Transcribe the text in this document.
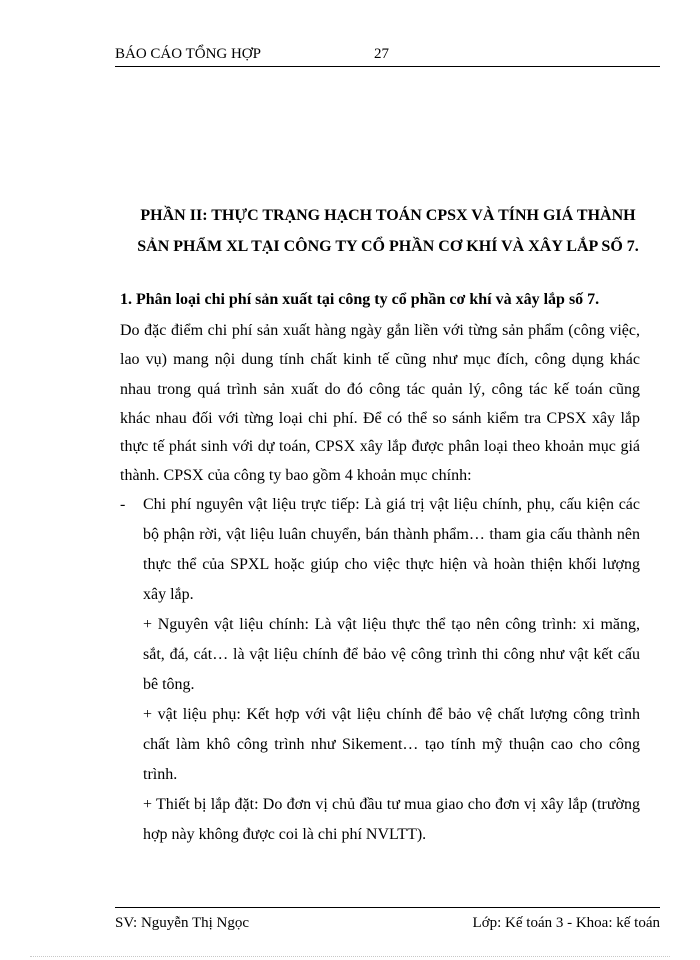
BÁO CÁO TỔNG HỢP	27
PHẦN II: THỰC TRẠNG HẠCH TOÁN CPSX VÀ TÍNH GIÁ THÀNH
SẢN PHẨM XL TẠI CÔNG TY CỔ PHẦN CƠ KHÍ VÀ XÂY LẮP SỐ 7.
1. Phân loại chi phí sản xuất tại công ty cổ phần cơ khí và xây lắp số 7.
Do đặc điểm chi phí sản xuất hàng ngày gắn liền với từng sản phẩm (công việc,
lao vụ) mang nội dung tính chất kinh tế cũng như mục đích, công dụng khác
nhau trong quá trình sản xuất do đó công tác quản lý, công tác kế toán cũng
khác nhau đối với từng loại chi phí. Để có thể so sánh kiểm tra CPSX xây lắp
thực tế phát sinh với dự toán, CPSX xây lắp được phân loại theo khoản mục giá
thành. CPSX của công ty bao gồm 4 khoản mục chính:
- Chi phí nguyên vật liệu trực tiếp: Là giá trị vật liệu chính, phụ, cấu kiện các
bộ phận rời, vật liệu luân chuyển, bán thành phẩm… tham gia cấu thành nên
thực thể của SPXL hoặc giúp cho việc thực hiện và hoàn thiện khối lượng
xây lắp.
+ Nguyên vật liệu chính: Là vật liệu thực thể tạo nên công trình: xi măng,
sắt, đá, cát… là vật liệu chính để bảo vệ công trình thi công như vật kết cấu
bê tông.
+ vật liệu phụ: Kết hợp với vật liệu chính để bảo vệ chất lượng công trình
chất làm khô công trình như Sikement… tạo tính mỹ thuận cao cho công
trình.
+ Thiết bị lắp đặt: Do đơn vị chủ đầu tư mua giao cho đơn vị xây lắp (trường
hợp này không được coi là chi phí NVLTT).
SV: Nguyễn Thị Ngọc	Lớp: Kế toán 3 - Khoa: kế toán
